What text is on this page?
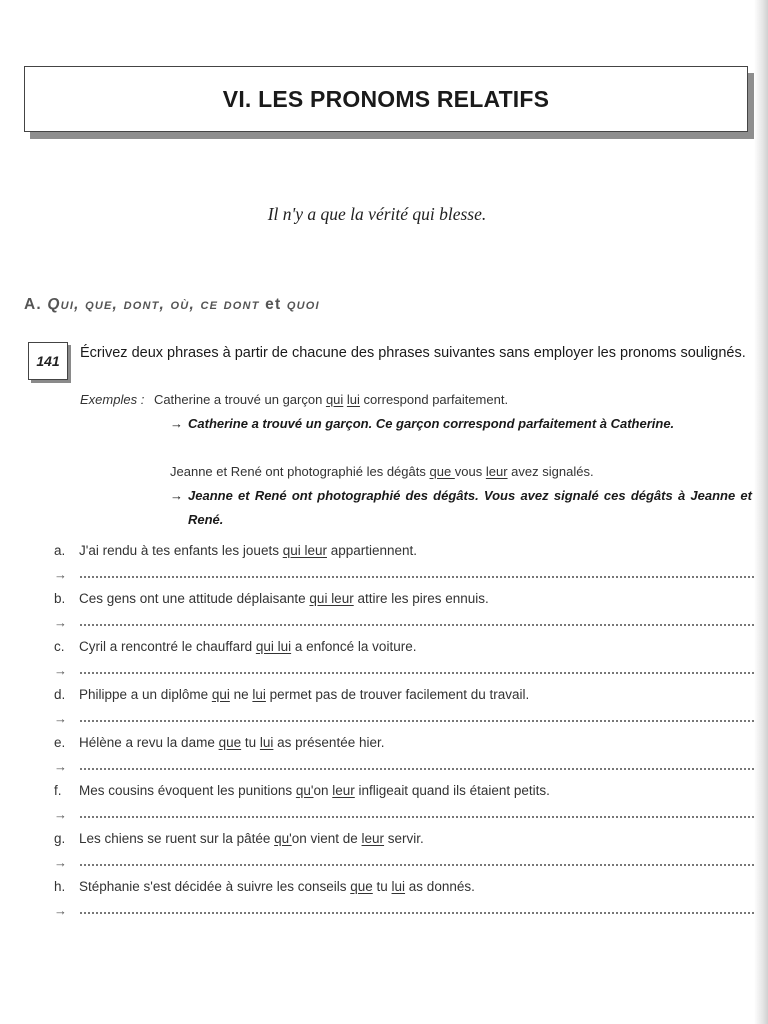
VI. LES PRONOMS RELATIFS
Il n'y a que la vérité qui blesse.
A. Qui, que, dont, où, ce dont et quoi
141	Écrivez deux phrases à partir de chacune des phrases suivantes sans employer les pronoms soulignés.
Exemples : Catherine a trouvé un garçon qui lui correspond parfaitement.
→ Catherine a trouvé un garçon. Ce garçon correspond parfaitement à Catherine.
Jeanne et René ont photographié les dégâts que vous leur avez signalés.
→ Jeanne et René ont photographié des dégâts. Vous avez signalé ces dégâts à Jeanne et René.
a.	J'ai rendu à tes enfants les jouets qui leur appartiennent.
→
b.	Ces gens ont une attitude déplaisante qui leur attire les pires ennuis.
→
c.	Cyril a rencontré le chauffard qui lui a enfoncé la voiture.
→
d.	Philippe a un diplôme qui ne lui permet pas de trouver facilement du travail.
→
e.	Hélène a revu la dame que tu lui as présentée hier.
→
f.	Mes cousins évoquent les punitions qu'on leur infligeait quand ils étaient petits.
→
g.	Les chiens se ruent sur la pâtée qu'on vient de leur servir.
→
h.	Stéphanie s'est décidée à suivre les conseils que tu lui as donnés.
→
